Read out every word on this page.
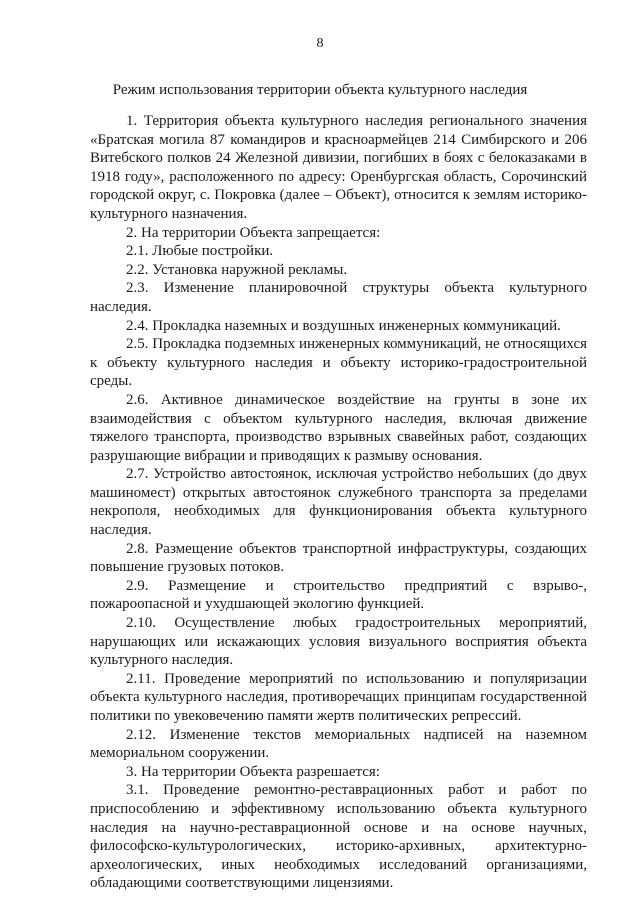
8
Режим использования территории объекта культурного наследия

1. Территория объекта культурного наследия регионального значения «Братская могила 87 командиров и красноармейцев 214 Симбирского и 206 Витебского полков 24 Железной дивизии, погибших в боях с белоказаками в 1918 году», расположенного по адресу: Оренбургская область, Сорочинский городской округ, с. Покровка (далее – Объект), относится к землям историко-культурного назначения.

2. На территории Объекта запрещается:

2.1. Любые постройки.

2.2. Установка наружной рекламы.

2.3. Изменение планировочной структуры объекта культурного наследия.

2.4. Прокладка наземных и воздушных инженерных коммуникаций.

2.5. Прокладка подземных инженерных коммуникаций, не относящихся к объекту культурного наследия и объекту историко-градостроительной среды.

2.6. Активное динамическое воздействие на грунты в зоне их взаимодействия с объектом культурного наследия, включая движение тяжелого транспорта, производство взрывных свавейных работ, создающих разрушающие вибрации и приводящих к размыву основания.

2.7. Устройство автостоянок, исключая устройство небольших (до двух машиномест) открытых автостоянок служебного транспорта за пределами некрополя, необходимых для функционирования объекта культурного наследия.

2.8. Размещение объектов транспортной инфраструктуры, создающих повышение грузовых потоков.

2.9. Размещение и строительство предприятий с взрыво-, пожароопасной и ухудшающей экологию функцией.

2.10. Осуществление любых градостроительных мероприятий, нарушающих или искажающих условия визуального восприятия объекта культурного наследия.

2.11. Проведение мероприятий по использованию и популяризации объекта культурного наследия, противоречащих принципам государственной политики по увековечению памяти жертв политических репрессий.

2.12. Изменение текстов мемориальных надписей на наземном мемориальном сооружении.

3. На территории Объекта разрешается:

3.1. Проведение ремонтно-реставрационных работ и работ по приспособлению и эффективному использованию объекта культурного наследия на научно-реставрационной основе и на основе научных, философско-культурологических, историко-архивных, архитектурно-археологических, иных необходимых исследований организациями, обладающими соответствующими лицензиями.
